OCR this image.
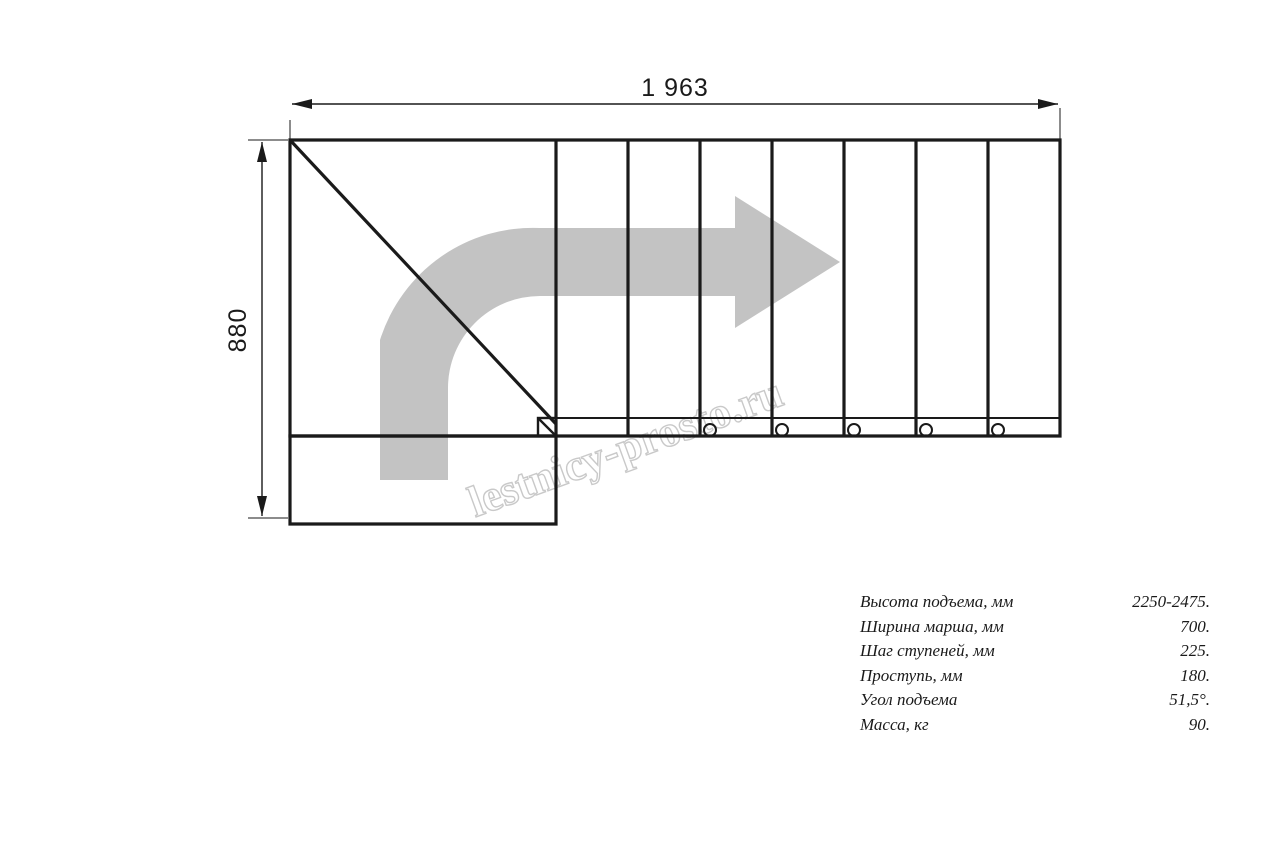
lestnicy-prosto.ru
1 963
880
Высота подъема, мм	2250-2475.
Ширина марша, мм	700.
Шаг ступеней, мм	225.
Проступь, мм	180.
Угол подъема	51,5°.
Масса, кг	90.
